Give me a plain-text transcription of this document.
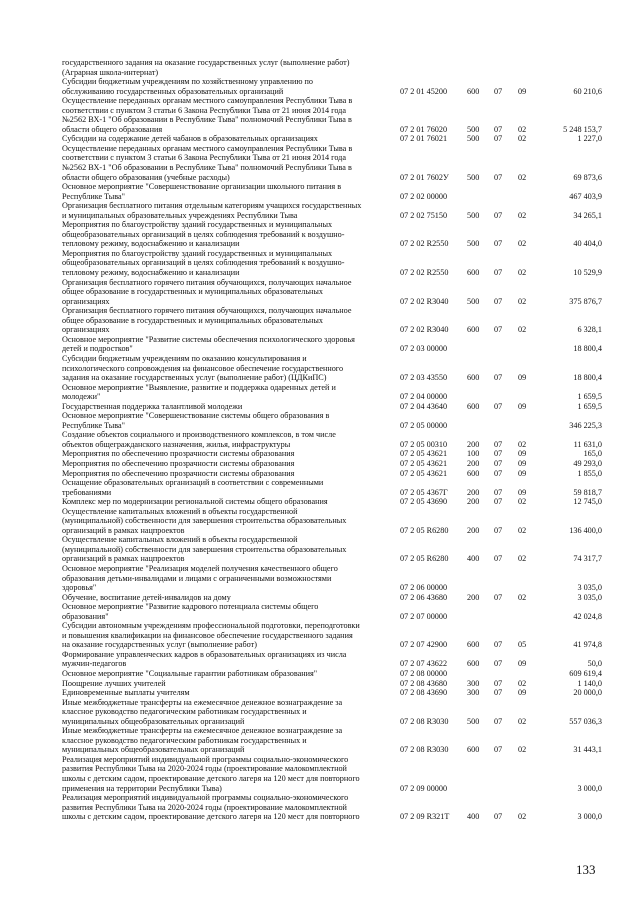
государственного задания на оказание государственных услуг (выполнение работ)
(Аграрная школа-интернат)
Субсидии бюджетным учреждениям по хозяйственному управлению по
обслуживанию государственных образовательных организаций	07 2 01 45200 600 07 09	60 210,6
Осуществление переданных органам местного самоуправления Республики Тыва в
соответствии с пунктом 3 статьи 6 Закона Республики Тыва от 21 июня 2014 года
№2562 ВХ-1 "Об образовании в Республике Тыва" полномочий Республики Тыва в
области общего образования	07 2 01 76020 500 07 02	5 248 153,7
Субсидии на содержание детей чабанов в образовательных организациях	07 2 01 76021 500 07 02	1 227,0
Осуществление переданных органам местного самоуправления Республики Тыва в
соответствии с пунктом 3 статьи 6 Закона Республики Тыва от 21 июня 2014 года
№2562 ВХ-1 "Об образовании в Республике Тыва" полномочий Республики Тыва в
области общего образования (учебные расходы)	07 2 01 7602У 500 07 02	69 873,6
Основное мероприятие "Совершенствование организации школьного питания в
Республике Тыва"	07 2 02 00000	467 403,9
Организация бесплатного питания отдельным категориям учащихся государственных
и муниципальных образовательных учреждениях Республики Тыва	07 2 02 75150 500 07 02	34 265,1
Мероприятия по благоустройству зданий государственных и муниципальных
общеобразовательных организаций в целях соблюдения требований к воздушно-
тепловому режиму, водоснабжению и канализации	07 2 02 R2550 500 07 02	40 404,0
Мероприятия по благоустройству зданий государственных и муниципальных
общеобразовательных организаций в целях соблюдения требований к воздушно-
тепловому режиму, водоснабжению и канализации	07 2 02 R2550 600 07 02	10 529,9
Организация бесплатного горячего питания обучающихся, получающих начальное
общее образование в государственных и муниципальных образовательных
организациях	07 2 02 R3040 500 07 02	375 876,7
Организация бесплатного горячего питания обучающихся, получающих начальное
общее образование в государственных и муниципальных образовательных
организациях	07 2 02 R3040 600 07 02	6 328,1
Основное мероприятие "Развитие системы обеспечения психологического здоровья
детей и подростков"	07 2 03 00000	18 800,4
Субсидии бюджетным учреждениям по оказанию консультирования и
психологического сопровождения на финансовое обеспечение государственного
задания на оказание государственных услуг (выполнение работ) (ЦДКиПС)	07 2 03 43550 600 07 09	18 800,4
Основное мероприятие "Выявление, развитие и поддержка одаренных детей и
молодежи"	07 2 04 00000	1 659,5
Государственная поддержка талантливой молодежи	07 2 04 43640 600 07 09	1 659,5
Основное мероприятие "Совершенствование системы общего образования в
Республике Тыва"	07 2 05 00000	346 225,3
Создание объектов социального и производственного комплексов, в том числе
объектов общегражданского назначения, жилья, инфраструктуры	07 2 05 00310 200 07 02	11 631,0
Мероприятия по обеспечению прозрачности системы образования	07 2 05 43621 100 07 09	165,0
Мероприятия по обеспечению прозрачности системы образования	07 2 05 43621 200 07 09	49 293,0
Мероприятия по обеспечению прозрачности системы образования	07 2 05 43621 600 07 09	1 855,0
Оснащение образовательных организаций в соответствии с современными
требованиями	07 2 05 4367Г 200 07 09	59 818,7
Комплекс мер по модернизации региональной системы общего образования	07 2 05 43690 200 07 02	12 745,0
Осуществление капитальных вложений в объекты государственной
(муниципальной) собственности для завершения строительства образовательных
организаций в рамках нацпроектов	07 2 05 R6280 200 07 02	136 400,0
Осуществление капитальных вложений в объекты государственной
(муниципальной) собственности для завершения строительства образовательных
организаций в рамках нацпроектов	07 2 05 R6280 400 07 02	74 317,7
Основное мероприятие "Реализация моделей получения качественного общего
образования детьми-инвалидами и лицами с ограниченными возможностями
здоровья"	07 2 06 00000	3 035,0
Обучение, воспитание детей-инвалидов на дому	07 2 06 43680 200 07 02	3 035,0
Основное мероприятие "Развитие кадрового потенциала системы общего
образования"	07 2 07 00000	42 024,8
Субсидии автономным учреждениям профессиональной подготовки, переподготовки
и повышения квалификации на финансовое обеспечение государственного задания
на оказание государственных услуг (выполнение работ)	07 2 07 42900 600 07 05	41 974,8
Формирование управленческих кадров в образовательных организациях из числа
мужчин-педагогов	07 2 07 43622 600 07 09	50,0
Основное мероприятие "Социальные гарантии работникам образования"	07 2 08 00000	609 619,4
Поощрение лучших учителей	07 2 08 43680 300 07 02	1 140,0
Единовременные выплаты учителям	07 2 08 43690 300 07 09	20 000,0
Иные межбюджетные трансферты на ежемесячное денежное вознаграждение за
классное руководство педагогическим работникам государственных и
муниципальных общеобразовательных организаций	07 2 08 R3030 500 07 02	557 036,3
Иные межбюджетные трансферты на ежемесячное денежное вознаграждение за
классное руководство педагогическим работникам государственных и
муниципальных общеобразовательных организаций	07 2 08 R3030 600 07 02	31 443,1
Реализация мероприятий индивидуальной программы социально-экономического
развития Республики Тыва на 2020-2024 годы (проектирование малокомплектной
школы с детским садом, проектирование детского лагеря на 120 мест для повторного
применения на территории Республики Тыва)	07 2 09 00000	3 000,0
Реализация мероприятий индивидуальной программы социально-экономического
развития Республики Тыва на 2020-2024 годы (проектирование малокомплектной
школы с детским садом, проектирование детского лагеря на 120 мест для повторного	07 2 09 R321Т 400 07 02	3 000,0
133
